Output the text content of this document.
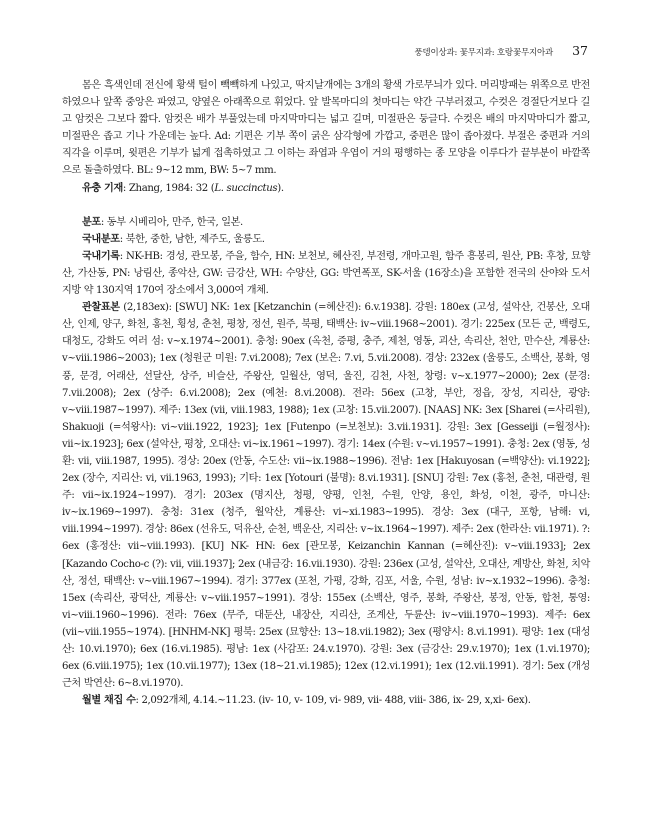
풍뎅이상과: 꽃무지과: 호랑꽃무지아과 37

몸은 흑색인데 전신에 황색 털이 빽빽하게 나있고, 딱지날개에는 3개의 황색 가로무늬가 있다. 머리방패는 위쪽으로 반전하였으나 앞쪽 중앙은 파였고, 양옆은 아래쪽으로 휘었다. 앞 발목마디의 첫마디는 약간 구부러졌고, 수컷은 경절단거보다 길고 암컷은 그보다 짧다. 암컷은 배가 부풀었는데 마지막마디는 넓고 길며, 미절판은 둥글다. 수컷은 배의 마지막마디가 짧고, 미절판은 좁고 기나 가운데는 높다. Ad: 기편은 기부 쪽이 굵은 삼각형에 가깝고, 중편은 많이 좁아졌다. 부절은 중편과 거의 직각을 이루며, 윗편은 기부가 넓게 접촉하였고 그 이하는 좌엽과 우엽이 거의 평행하는 종 모양을 이루다가 끝부분이 바깥쪽으로 돌출하였다. BL: 9~12 mm, BW: 5~7 mm.

유충 기재: Zhang, 1984: 32 (L. succinctus).

분포: 동부 시베리아, 만주, 한국, 일본.

국내분포: 북한, 중한, 남한, 제주도, 울릉도.

국내기록: NK-HB: 경성, 관모봉, 주을, 함수, HN: 보천보, 혜산진, 부전령, 개마고원, 함주 흥봉리, 원산, PB: 후창, 묘향산, 가산동, PN: 낭림산, 종악산, GW: 금강산, WH: 수양산, GG: 박연폭포, SK-서울 (16장소)을 포함한 전국의 산야와 도서지방 약 130지역 170여 장소에서 3,000여 개체.

관찰표본 (2,183ex): [SWU] NK: 1ex [Ketzanchin (=혜산진): 6.v.1938]. 강원: 180ex (고성, 설악산, 건봉산, 오대산, 인제, 양구, 화천, 홍천, 횡성, 춘천, 평창, 정선, 원주, 북평, 태백산: iv~viii.1968~2001). 경기: 225ex (모든 군, 백령도, 대청도, 강화도 여러 섬: v~x.1974~2001). 충청: 90ex (옥천, 증평, 충주, 제천, 영동, 괴산, 속리산, 천안, 만수산, 계룡산: v~viii.1986~2003); 1ex (청원군 미원: 7.vi.2008); 7ex (보은: 7.vi, 5.vii.2008). 경상: 232ex (울릉도, 소백산, 봉화, 영풍, 문경, 어래산, 선달산, 상주, 비슬산, 주왕산, 일월산, 영덕, 울진, 김천, 사천, 창령: v~x.1977~2000); 2ex (문경: 7.vii.2008); 2ex (상주: 6.vi.2008); 2ex (예천: 8.vi.2008). 전라: 56ex (고창, 부안, 정읍, 장성, 지리산, 광양: v~viii.1987~1997). 제주: 13ex (vii, viii.1983, 1988); 1ex (고창: 15.vii.2007). [NAAS] NK: 3ex [Sharei (=사리원), Shakuoji (=석왕사): vi~viii.1922, 1923]; 1ex [Futenpo (=보천보): 3.vii.1931]. 강원: 3ex [Gesseiji (=월정사): vii~ix.1923]; 6ex (설악산, 평창, 오대산: vi~ix.1961~1997). 경기: 14ex (수원: v~vi.1957~1991). 충청: 2ex (영동, 성환: vii, viii.1987, 1995). 경상: 20ex (안동, 수도산: vii~ix.1988~1996). 전남: 1ex [Hakuyosan (=백양산): vi.1922]; 2ex (장수, 지리산: vi, vii.1963, 1993); 기타: 1ex [Yotouri (불명): 8.vi.1931]. [SNU] 강원: 7ex (홍천, 춘천, 대관령, 원주: vii~ix.1924~1997). 경기: 203ex (명지산, 청평, 양평, 인천, 수원, 안양, 용인, 화성, 이천, 광주, 마니산: iv~ix.1969~1997). 충청: 31ex (청주, 월악산, 계룡산: vi~xi.1983~1995). 경상: 3ex (대구, 포항, 남해: vi, viii.1994~1997). 경상: 86ex (선유도, 덕유산, 순천, 백운산, 지리산: v~ix.1964~1997). 제주: 2ex (한라산: vii.1971). ?: 6ex (홍정산: vii~viii.1993). [KU] NK- HN: 6ex [관모봉, Keizanchin Kannan (=혜산진): v~viii.1933]; 2ex [Kazando Cocho-c (?): vii, viii.1937]; 2ex (내금강: 16.vii.1930). 강원: 236ex (고성, 설악산, 오대산, 계방산, 화천, 치악산, 정선, 태백산: v~viii.1967~1994). 경기: 377ex (포천, 가평, 강화, 김포, 서울, 수원, 성남: iv~x.1932~1996). 충청: 15ex (속리산, 광덕산, 계룡산: v~viii.1957~1991). 경상: 155ex (소백산, 영주, 봉화, 주왕산, 봉정, 안동, 합천, 통영: vi~viii.1960~1996). 전라: 76ex (무주, 대둔산, 내장산, 지리산, 조계산, 두륜산: iv~viii.1970~1993). 제주: 6ex (vii~viii.1955~1974). [HNHM-NK] 평북: 25ex (묘향산: 13~18.vii.1982); 3ex (평양시: 8.vi.1991). 평양: 1ex (대성산: 10.vi.1970); 6ex (16.vi.1985). 평남: 1ex (사감포: 24.v.1970). 강원: 3ex (금강산: 29.v.1970); 1ex (1.vi.1970); 6ex (6.viii.1975); 1ex (10.vii.1977); 13ex (18~21.vi.1985); 12ex (12.vi.1991); 1ex (12.vii.1991). 경기: 5ex (개성 근처 박연산: 6~8.vi.1970).

월별 채집 수: 2,092개체, 4.14.~11.23. (iv- 10, v- 109, vi- 989, vii- 488, viii- 386, ix- 29, x,xi- 6ex).
